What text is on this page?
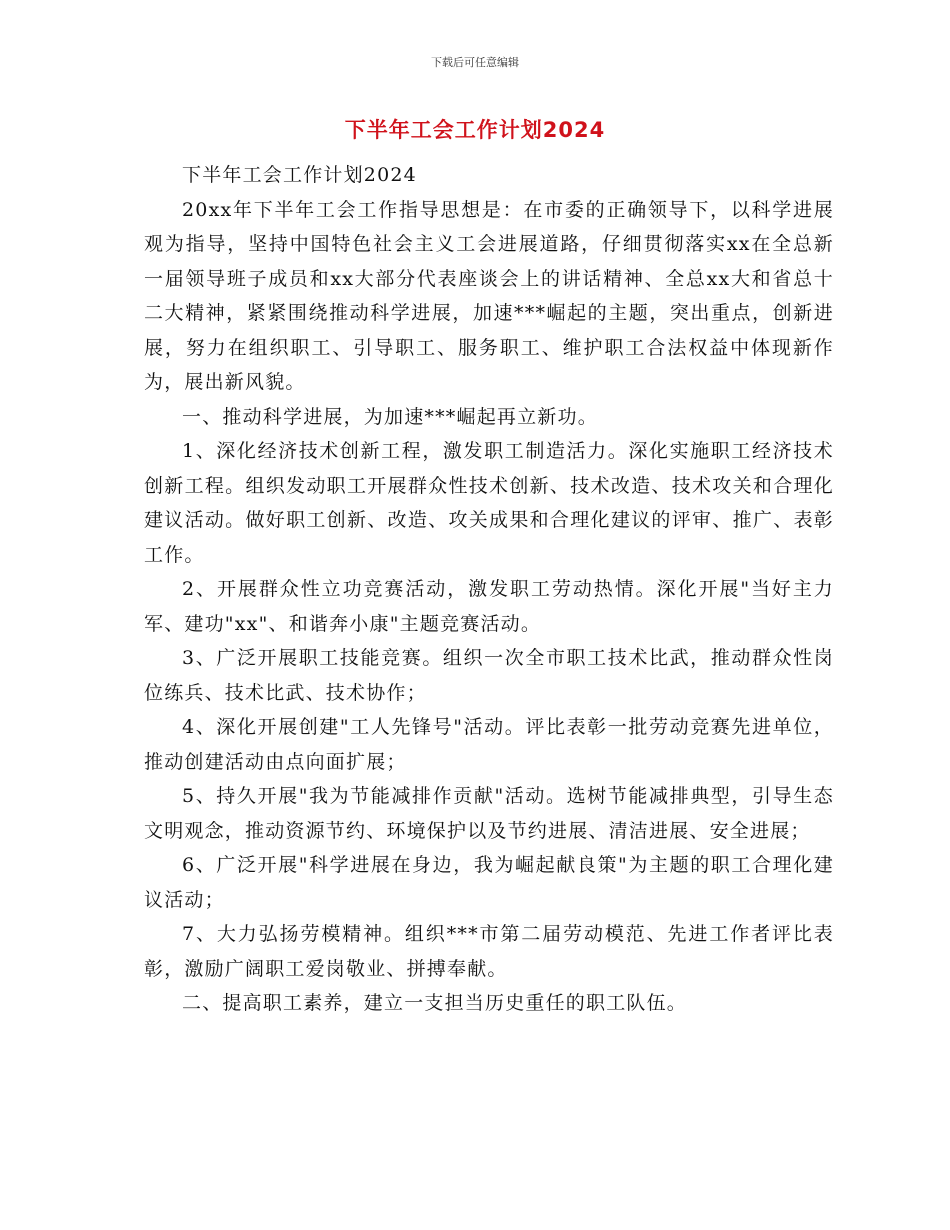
下载后可任意编辑
下半年工会工作计划2024

下半年工会工作计划2024

20xx年下半年工会工作指导思想是：在市委的正确领导下，以科学进展观为指导，坚持中国特色社会主义工会进展道路，仔细贯彻落实xx在全总新一届领导班子成员和xx大部分代表座谈会上的讲话精神、全总xx大和省总十二大精神，紧紧围绕推动科学进展，加速***崛起的主题，突出重点，创新进展，努力在组织职工、引导职工、服务职工、维护职工合法权益中体现新作为，展出新风貌。

一、推动科学进展，为加速***崛起再立新功。

1、深化经济技术创新工程，激发职工制造活力。深化实施职工经济技术创新工程。组织发动职工开展群众性技术创新、技术改造、技术攻关和合理化建议活动。做好职工创新、改造、攻关成果和合理化建议的评审、推广、表彰工作。

2、开展群众性立功竞赛活动，激发职工劳动热情。深化开展"当好主力军、建功"xx"、和谐奔小康"主题竞赛活动。

3、广泛开展职工技能竞赛。组织一次全市职工技术比武，推动群众性岗位练兵、技术比武、技术协作；

4、深化开展创建"工人先锋号"活动。评比表彰一批劳动竞赛先进单位，推动创建活动由点向面扩展；

5、持久开展"我为节能减排作贡献"活动。选树节能减排典型，引导生态文明观念，推动资源节约、环境保护以及节约进展、清洁进展、安全进展；

6、广泛开展"科学进展在身边，我为崛起献良策"为主题的职工合理化建议活动；

7、大力弘扬劳模精神。组织***市第二届劳动模范、先进工作者评比表彰，激励广阔职工爱岗敬业、拼搏奉献。

二、提高职工素养，建立一支担当历史重任的职工队伍。
